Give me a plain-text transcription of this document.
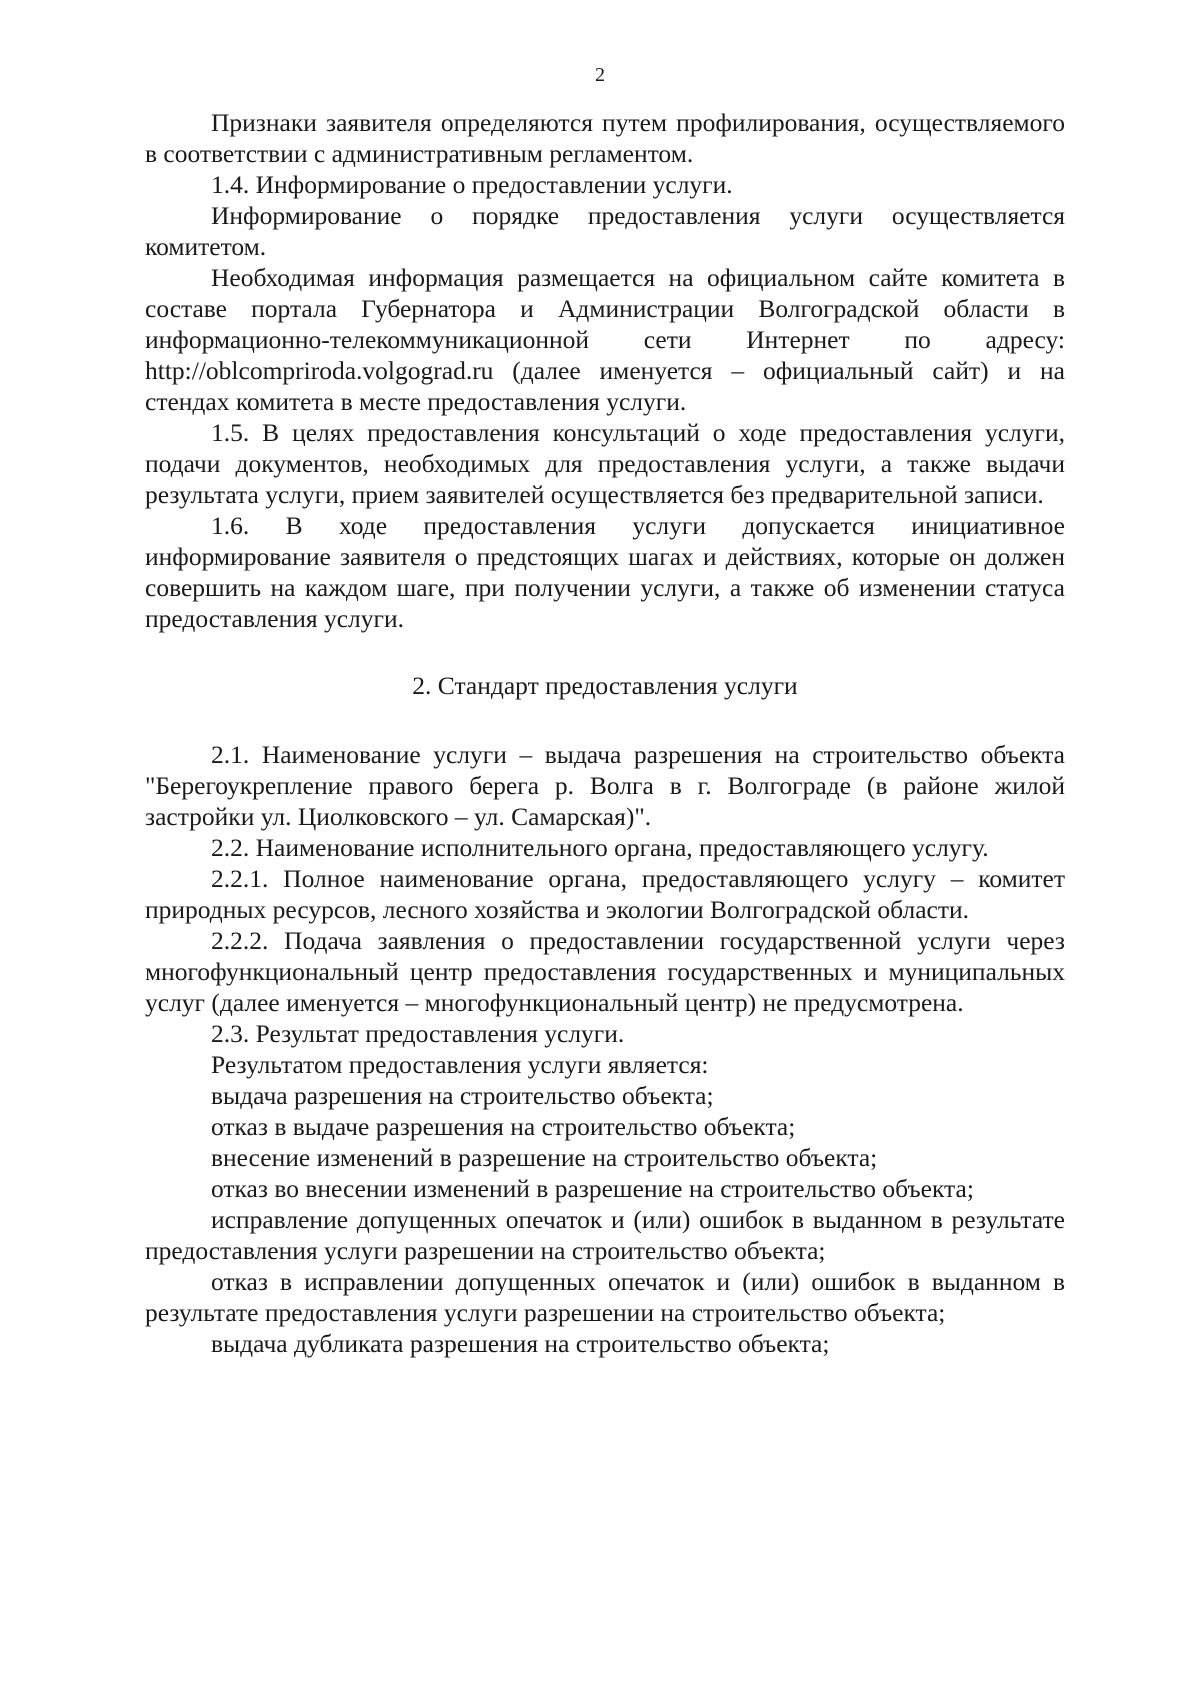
2

Признаки заявителя определяются путем профилирования, осуществляемого в соответствии с административным регламентом.

1.4. Информирование о предоставлении услуги.

Информирование о порядке предоставления услуги осуществляется комитетом.

Необходимая информация размещается на официальном сайте комитета в составе портала Губернатора и Администрации Волгоградской области в информационно-телекоммуникационной сети Интернет по адресу: http://oblcompriroda.volgograd.ru (далее именуется – официальный сайт) и на стендах комитета в месте предоставления услуги.

1.5. В целях предоставления консультаций о ходе предоставления услуги, подачи документов, необходимых для предоставления услуги, а также выдачи результата услуги, прием заявителей осуществляется без предварительной записи.

1.6. В ходе предоставления услуги допускается инициативное информирование заявителя о предстоящих шагах и действиях, которые он должен совершить на каждом шаге, при получении услуги, а также об изменении статуса предоставления услуги.

2. Стандарт предоставления услуги

2.1. Наименование услуги – выдача разрешения на строительство объекта "Берегоукрепление правого берега р. Волга в г. Волгограде (в районе жилой застройки ул. Циолковского – ул. Самарская)".

2.2. Наименование исполнительного органа, предоставляющего услугу.

2.2.1. Полное наименование органа, предоставляющего услугу – комитет природных ресурсов, лесного хозяйства и экологии Волгоградской области.

2.2.2. Подача заявления о предоставлении государственной услуги через многофункциональный центр предоставления государственных и муниципальных услуг (далее именуется – многофункциональный центр) не предусмотрена.

2.3. Результат предоставления услуги.

Результатом предоставления услуги является:

выдача разрешения на строительство объекта;

отказ в выдаче разрешения на строительство объекта;

внесение изменений в разрешение на строительство объекта;

отказ во внесении изменений в разрешение на строительство объекта;

исправление допущенных опечаток и (или) ошибок в выданном в результате предоставления услуги разрешении на строительство объекта;

отказ в исправлении допущенных опечаток и (или) ошибок в выданном в результате предоставления услуги разрешении на строительство объекта;

выдача дубликата разрешения на строительство объекта;
